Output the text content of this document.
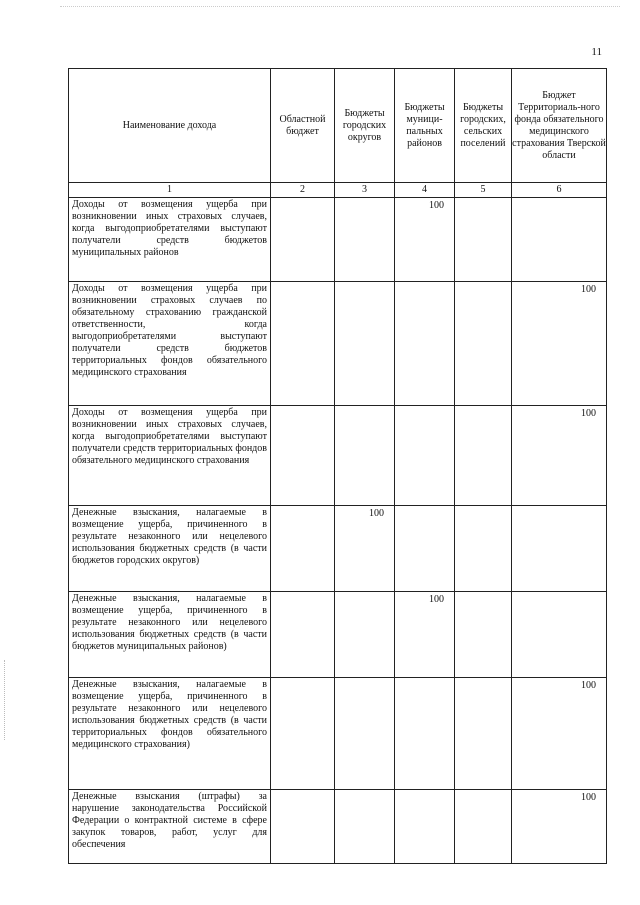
11
Наименование дохода	Областной бюджет	Бюджеты городских округов	Бюджеты муници-пальных районов	Бюджеты городских, сельских поселений	Бюджет Территориаль-ного фонда обязательного медицинского страхования Тверской области
1	2	3	4	5	6
Доходы от возмещения ущерба при возникновении иных страховых случаев, когда выгодоприобретателями выступают получатели средств бюджетов муниципальных районов			100		
Доходы от возмещения ущерба при возникновении страховых случаев по обязательному страхованию гражданской ответственности, когда выгодоприобретателями выступают получатели средств бюджетов территориальных фондов обязательного медицинского страхования					100
Доходы от возмещения ущерба при возникновении иных страховых случаев, когда выгодоприобретателями выступают получатели средств территориальных фондов обязательного медицинского страхования					100
Денежные взыскания, налагаемые в возмещение ущерба, причиненного в результате незаконного или нецелевого использования бюджетных средств (в части бюджетов городских округов)		100			
Денежные взыскания, налагаемые в возмещение ущерба, причиненного в результате незаконного или нецелевого использования бюджетных средств (в части бюджетов муниципальных районов)			100		
Денежные взыскания, налагаемые в возмещение ущерба, причиненного в результате незаконного или нецелевого использования бюджетных средств (в части территориальных фондов обязательного медицинского страхования)					100
Денежные взыскания (штрафы) за нарушение законодательства Российской Федерации о контрактной системе в сфере закупок товаров, работ, услуг для обеспечения					100
